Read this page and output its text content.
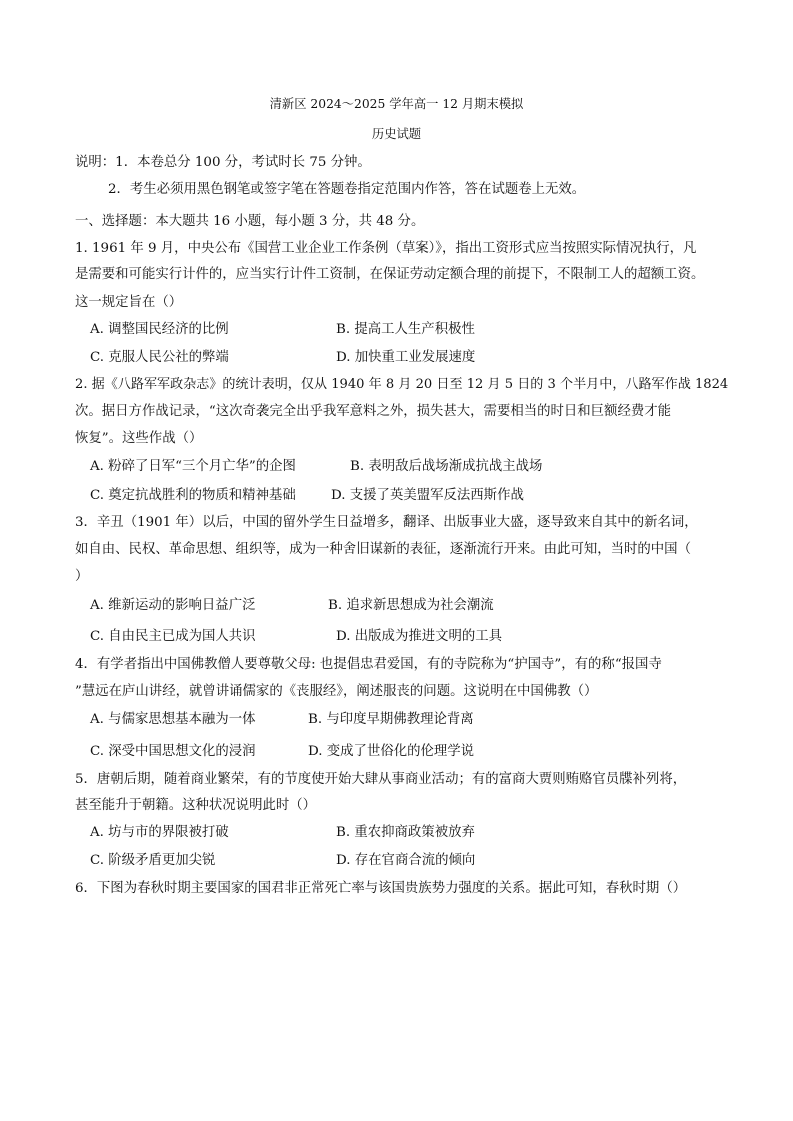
清新区 2024～2025 学年高一 12 月期末模拟
历史试题
说明：1．本卷总分 100 分，考试时长 75 分钟。
2．考生必须用黑色钢笔或签字笔在答题卷指定范围内作答，答在试题卷上无效。
一、选择题：本大题共 16 小题，每小题 3 分，共 48 分。
1. 1961 年 9 月，中央公布《国营工业企业工作条例（草案）》，指出工资形式应当按照实际情况执行，凡
是需要和可能实行计件的，应当实行计件工资制，在保证劳动定额合理的前提下，不限制工人的超额工资。
这一规定旨在（）
A. 调整国民经济的比例	B. 提高工人生产积极性
C. 克服人民公社的弊端	D. 加快重工业发展速度
2. 据《八路军军政杂志》的统计表明，仅从 1940 年 8 月 20 日至 12 月 5 日的 3 个半月中，八路军作战 1824
次。据日方作战记录，“这次奇袭完全出乎我军意料之外，损失甚大，需要相当的时日和巨额经费才能
恢复”。这些作战（）
A. 粉碎了日军“三个月亡华”的企图	B. 表明敌后战场渐成抗战主战场
C. 奠定抗战胜利的物质和精神基础	D. 支援了英美盟军反法西斯作战
3．辛丑（1901 年）以后，中国的留外学生日益增多，翻译、出版事业大盛，逐导致来自其中的新名词，
如自由、民权、革命思想、组织等，成为一种舍旧谋新的表征，逐渐流行开来。由此可知，当时的中国（
）
A. 维新运动的影响日益广泛	B. 追求新思想成为社会潮流
C. 自由民主已成为国人共识	D. 出版成为推进文明的工具
4．有学者指出中国佛教僧人要尊敬父母: 也提倡忠君爱国，有的寺院称为“护国寺”，有的称“报国寺
”慧远在庐山讲经，就曾讲诵儒家的《丧服经》，阐述服丧的问题。这说明在中国佛教（）
A. 与儒家思想基本融为一体	B. 与印度早期佛教理论背离
C. 深受中国思想文化的浸润	D. 变成了世俗化的伦理学说
5．唐朝后期，随着商业繁荣，有的节度使开始大肆从事商业活动；有的富商大贾则贿赂官员牒补列将，
甚至能升于朝籍。这种状况说明此时（）
A. 坊与市的界限被打破	B. 重农抑商政策被放弃
C. 阶级矛盾更加尖锐	D. 存在官商合流的倾向
6．下图为春秋时期主要国家的国君非正常死亡率与该国贵族势力强度的关系。据此可知，春秋时期（）
